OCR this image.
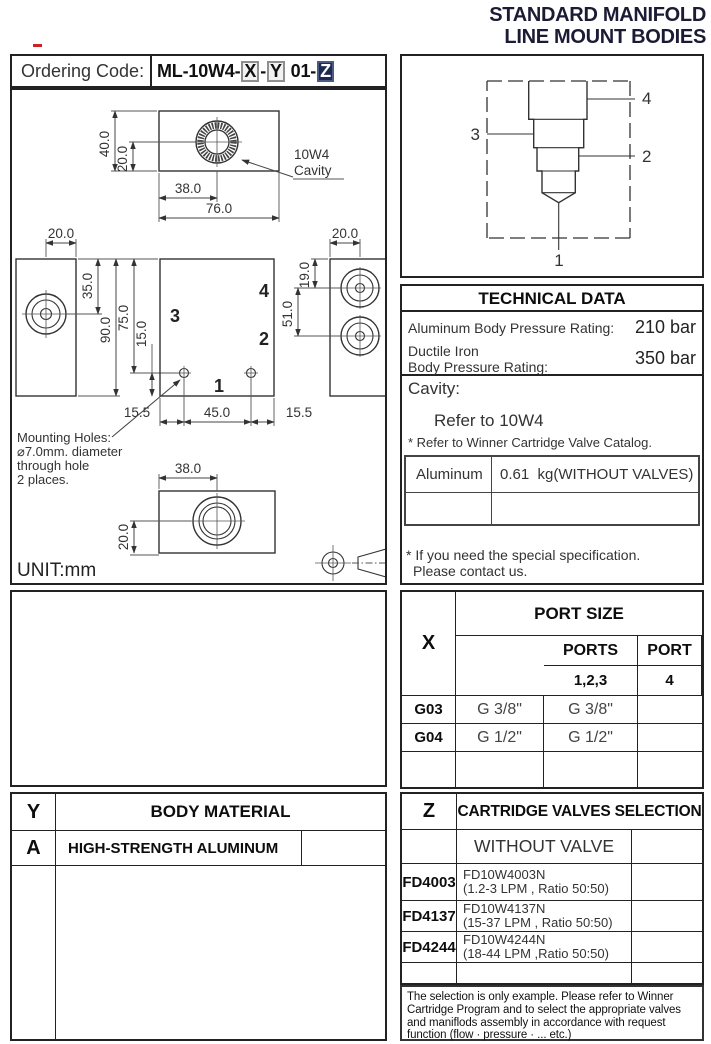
STANDARD MANIFOLD
LINE MOUNT BODIES
Ordering Code: ML-10W4- X - Y
01- Z
40.0
20.0
38.0
76.0
10W4
Cavity
20.0
35.0
90.0 75.0
15.0
3
4
2
1
15.5	45.0	15.5
20.0
19.0
51.0
Mounting Holes:
⌀7.0mm. diameter
through hole
2 places.
38.0
20.0
UNIT:mm
4
3
2
1
TECHNICAL DATA
Aluminum Body Pressure Rating: 210 bar
Ductile Iron
Body Pressure Rating:	350 bar
Cavity:
Refer to 10W4
* Refer to Winner Cartridge Valve Catalog.
Aluminum	0.61  kg(WITHOUT VALVES)
* If you need the special specification.
Please contact us.
X
PORT SIZE
PORTS	PORT
1,2,3	4
G03	G 3/8"	G 3/8"
G04	G 1/2"	G 1/2"
Y	BODY MATERIAL
A	HIGH-STRENGTH ALUMINUM
Z	CARTRIDGE VALVES SELECTION
WITHOUT VALVE
FD4003 FD10W4003N
(1.2-3 LPM , Ratio 50:50)
FD4137 FD10W4137N
(15-37 LPM , Ratio 50:50)
FD4244 FD10W4244N
(18-44 LPM ,Ratio 50:50)
The selection is only example. Please refer to Winner
Cartridge Program and to select the appropriate valves
and maniflods assembly in accordance with request
function (flow · pressure · ... etc.)
